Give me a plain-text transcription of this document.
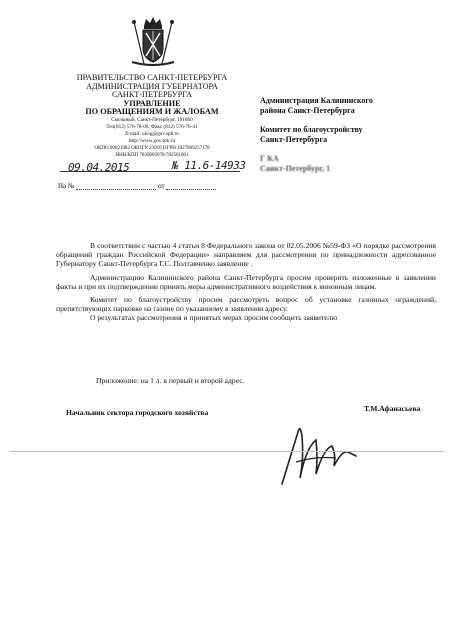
ПРАВИТЕЛЬСТВО САНКТ-ПЕТЕРБУРГА
АДМИНИСТРАЦИЯ ГУБЕРНАТОРА
САНКТ-ПЕТЕРБУРГА
УПРАВЛЕНИЕ
ПО ОБРАЩЕНИЯМ И ЖАЛОБАМ
Смольный, Санкт-Петербург, 191060
Тел(812) 576-78-06, Факс (812) 576-76-41
E-mail: ukog@gov.spb.ru
http://www.gov.spb.ru
ОКПО 00021982 ОКОГУ 23010 ОГРН 1027809257178
ИНН/КПП 7830002078/782501001
09.04.2015	№ 11.6-14933
На №	от
Администрация Калининского
района Санкт-Петербурга
Комитет по благоустройству
Санкт-Петербурга
Г КА
Санкт-Петербург, 1

В соответствии с частью 4 статьи 8 Федерального закона от 02.05.2006 №59-ФЗ «О порядке рассмотрения обращений граждан Российской Федерации» направляем для рассмотрения по принадлежности адресованное Губернатору Санкт-Петербурга Г.С. Полтавченко заявление .

Администрацию Калининского района Санкт-Петербурга просим проверить изложенные в заявлении факты и при их подтверждении принять меры административного воздействия к виновным лицам.

Комитет по благоустройству просим рассмотреть вопрос об установке газонных ограждений, препятствующих парковке на газоне по указанному в заявлении адресу.

О результатах рассмотрения и принятых мерах просим сообщить заявителю

Приложение: на 1 л. в первый и второй адрес.
Начальник сектора городского хозяйства	Т.М.Афанасьева
